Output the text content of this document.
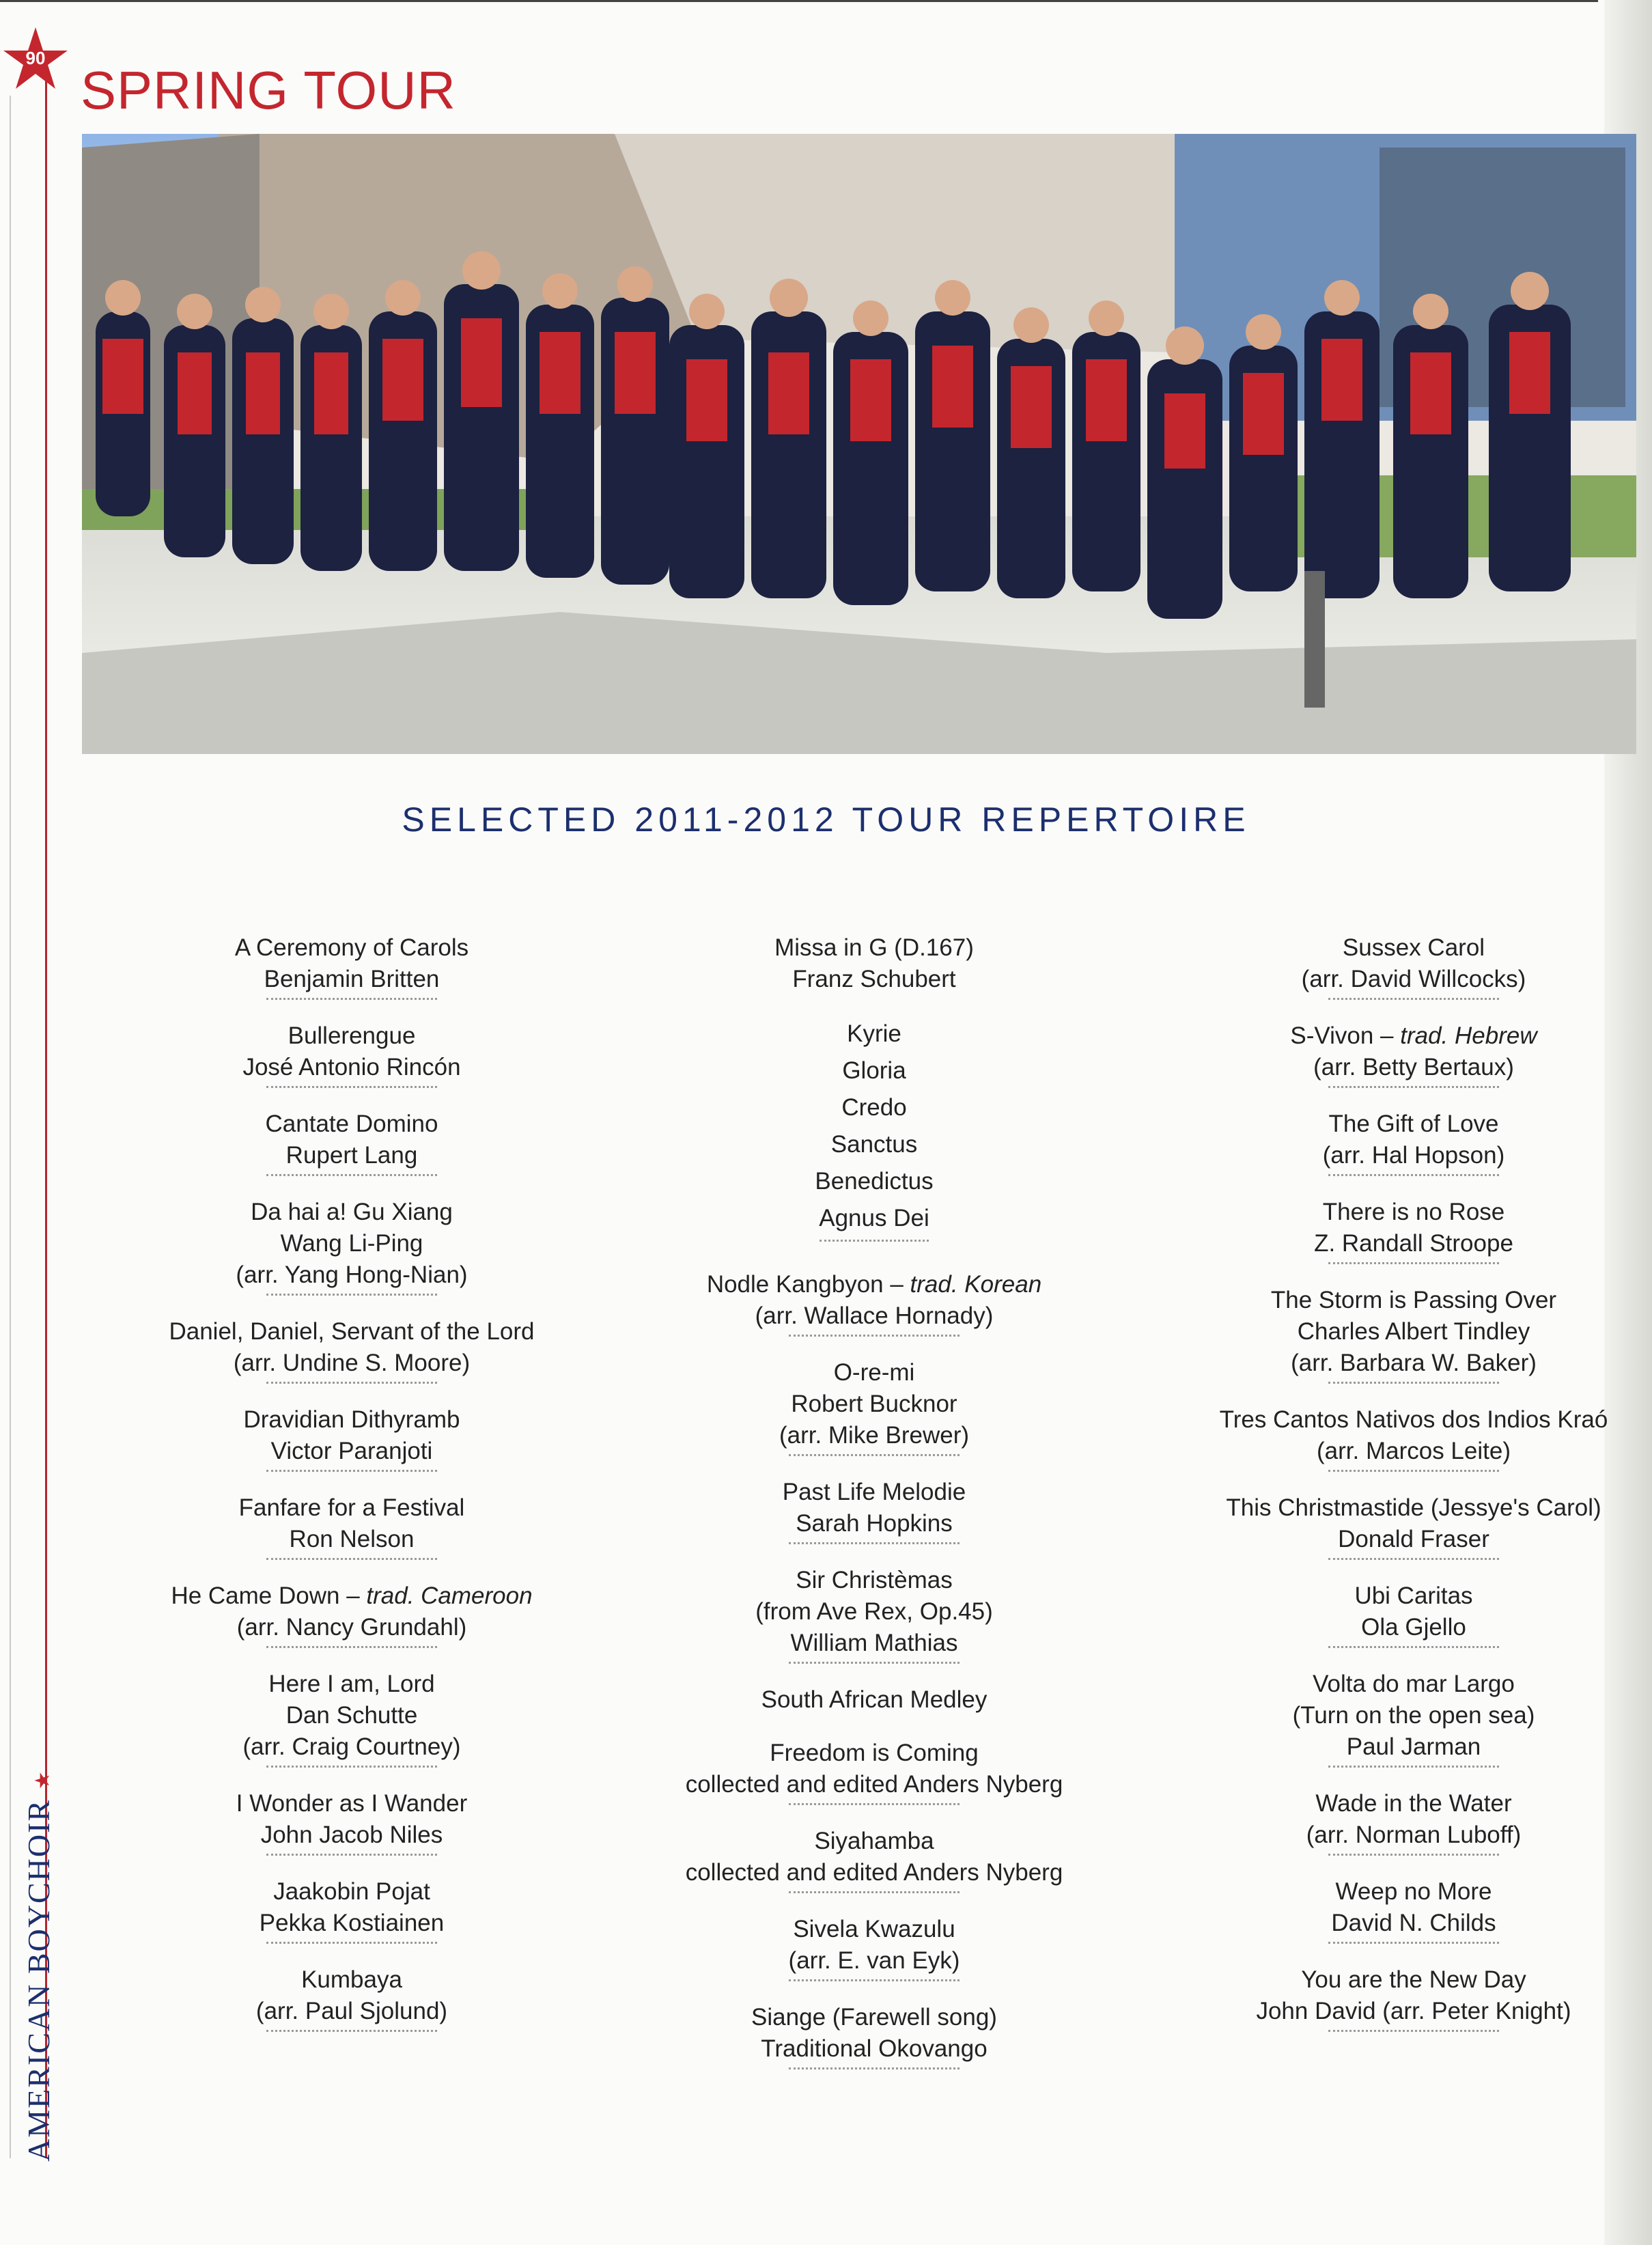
90
SPRING TOUR
SELECTED 2011-2012 TOUR REPERTOIRE
A Ceremony of Carols
Benjamin Britten
Bullerengue
José Antonio Rincón
Cantate Domino
Rupert Lang
Da hai a! Gu Xiang
Wang Li-Ping
(arr. Yang Hong-Nian)
Daniel, Daniel, Servant of the Lord
(arr. Undine S. Moore)
Dravidian Dithyramb
Victor Paranjoti
Fanfare for a Festival
Ron Nelson
He Came Down – trad. Cameroon
(arr. Nancy Grundahl)
Here I am, Lord
Dan Schutte
(arr. Craig Courtney)
I Wonder as I Wander
John Jacob Niles
Jaakobin Pojat
Pekka Kostiainen
Kumbaya
(arr. Paul Sjolund)
Missa in G (D.167)
Franz Schubert
Kyrie
Gloria
Credo
Sanctus
Benedictus
Agnus Dei
Nodle Kangbyon – trad. Korean
(arr. Wallace Hornady)
O-re-mi
Robert Bucknor
(arr. Mike Brewer)
Past Life Melodie
Sarah Hopkins
Sir Christèmas
(from Ave Rex, Op.45)
William Mathias
South African Medley
Freedom is Coming
collected and edited Anders Nyberg
Siyahamba
collected and edited Anders Nyberg
Sivela Kwazulu
(arr. E. van Eyk)
Siange (Farewell song)
Traditional Okovango
Sussex Carol
(arr. David Willcocks)
S-Vivon – trad. Hebrew
(arr. Betty Bertaux)
The Gift of Love
(arr. Hal Hopson)
There is no Rose
Z. Randall Stroope
The Storm is Passing Over
Charles Albert Tindley
(arr. Barbara W. Baker)
Tres Cantos Nativos dos Indios Kraó
(arr. Marcos Leite)
This Christmastide (Jessye's Carol)
Donald Fraser
Ubi Caritas
Ola Gjello
Volta do mar Largo
(Turn on the open sea)
Paul Jarman
Wade in the Water
(arr. Norman Luboff)
Weep no More
David N. Childs
You are the New Day
John David (arr. Peter Knight)
AMERICAN BOYCHOIR ★
